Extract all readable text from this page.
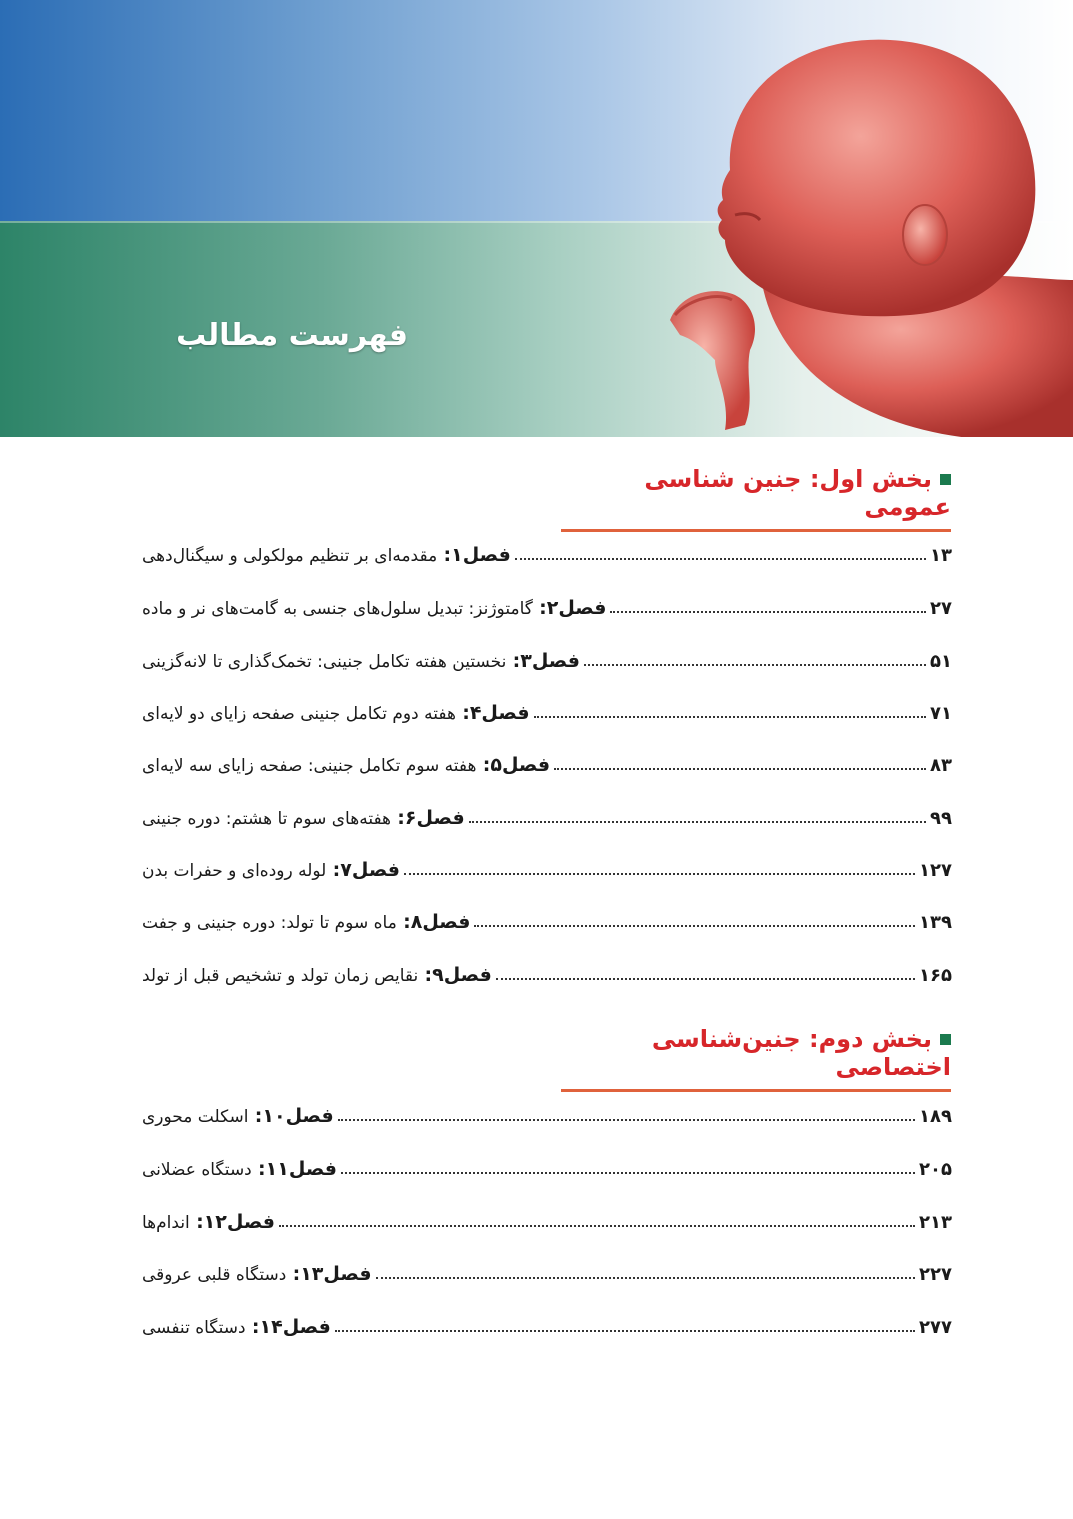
فهرست مطالب
بخش اول: جنین شناسی عمومی
فصل۱: مقدمه‌ای بر تنظیم مولکولی و سیگنال‌دهی	۱۳
فصل۲: گامتوژنز: تبدیل سلول‌های جنسی به گامت‌های نر و ماده	۲۷
فصل۳: نخستین هفته تکامل جنینی: تخمک‌گذاری تا لانه‌گزینی	۵۱
فصل۴: هفته دوم تکامل جنینی صفحه زایای دو لایه‌ای	۷۱
فصل۵: هفته سوم تکامل جنینی: صفحه زایای سه لایه‌ای	۸۳
فصل۶: هفته‌های سوم تا هشتم: دوره جنینی	۹۹
فصل۷: لوله روده‌ای و حفرات بدن	۱۲۷
فصل۸: ماه سوم تا تولد: دوره جنینی و جفت	۱۳۹
فصل۹: نقایص زمان تولد و تشخیص قبل از تولد	۱۶۵
بخش دوم: جنین‌شناسی اختصاصی
فصل۱۰: اسکلت محوری	۱۸۹
فصل۱۱: دستگاه عضلانی	۲۰۵
فصل۱۲: اندام‌ها	۲۱۳
فصل۱۳: دستگاه قلبی عروقی	۲۲۷
فصل۱۴: دستگاه تنفسی	۲۷۷
